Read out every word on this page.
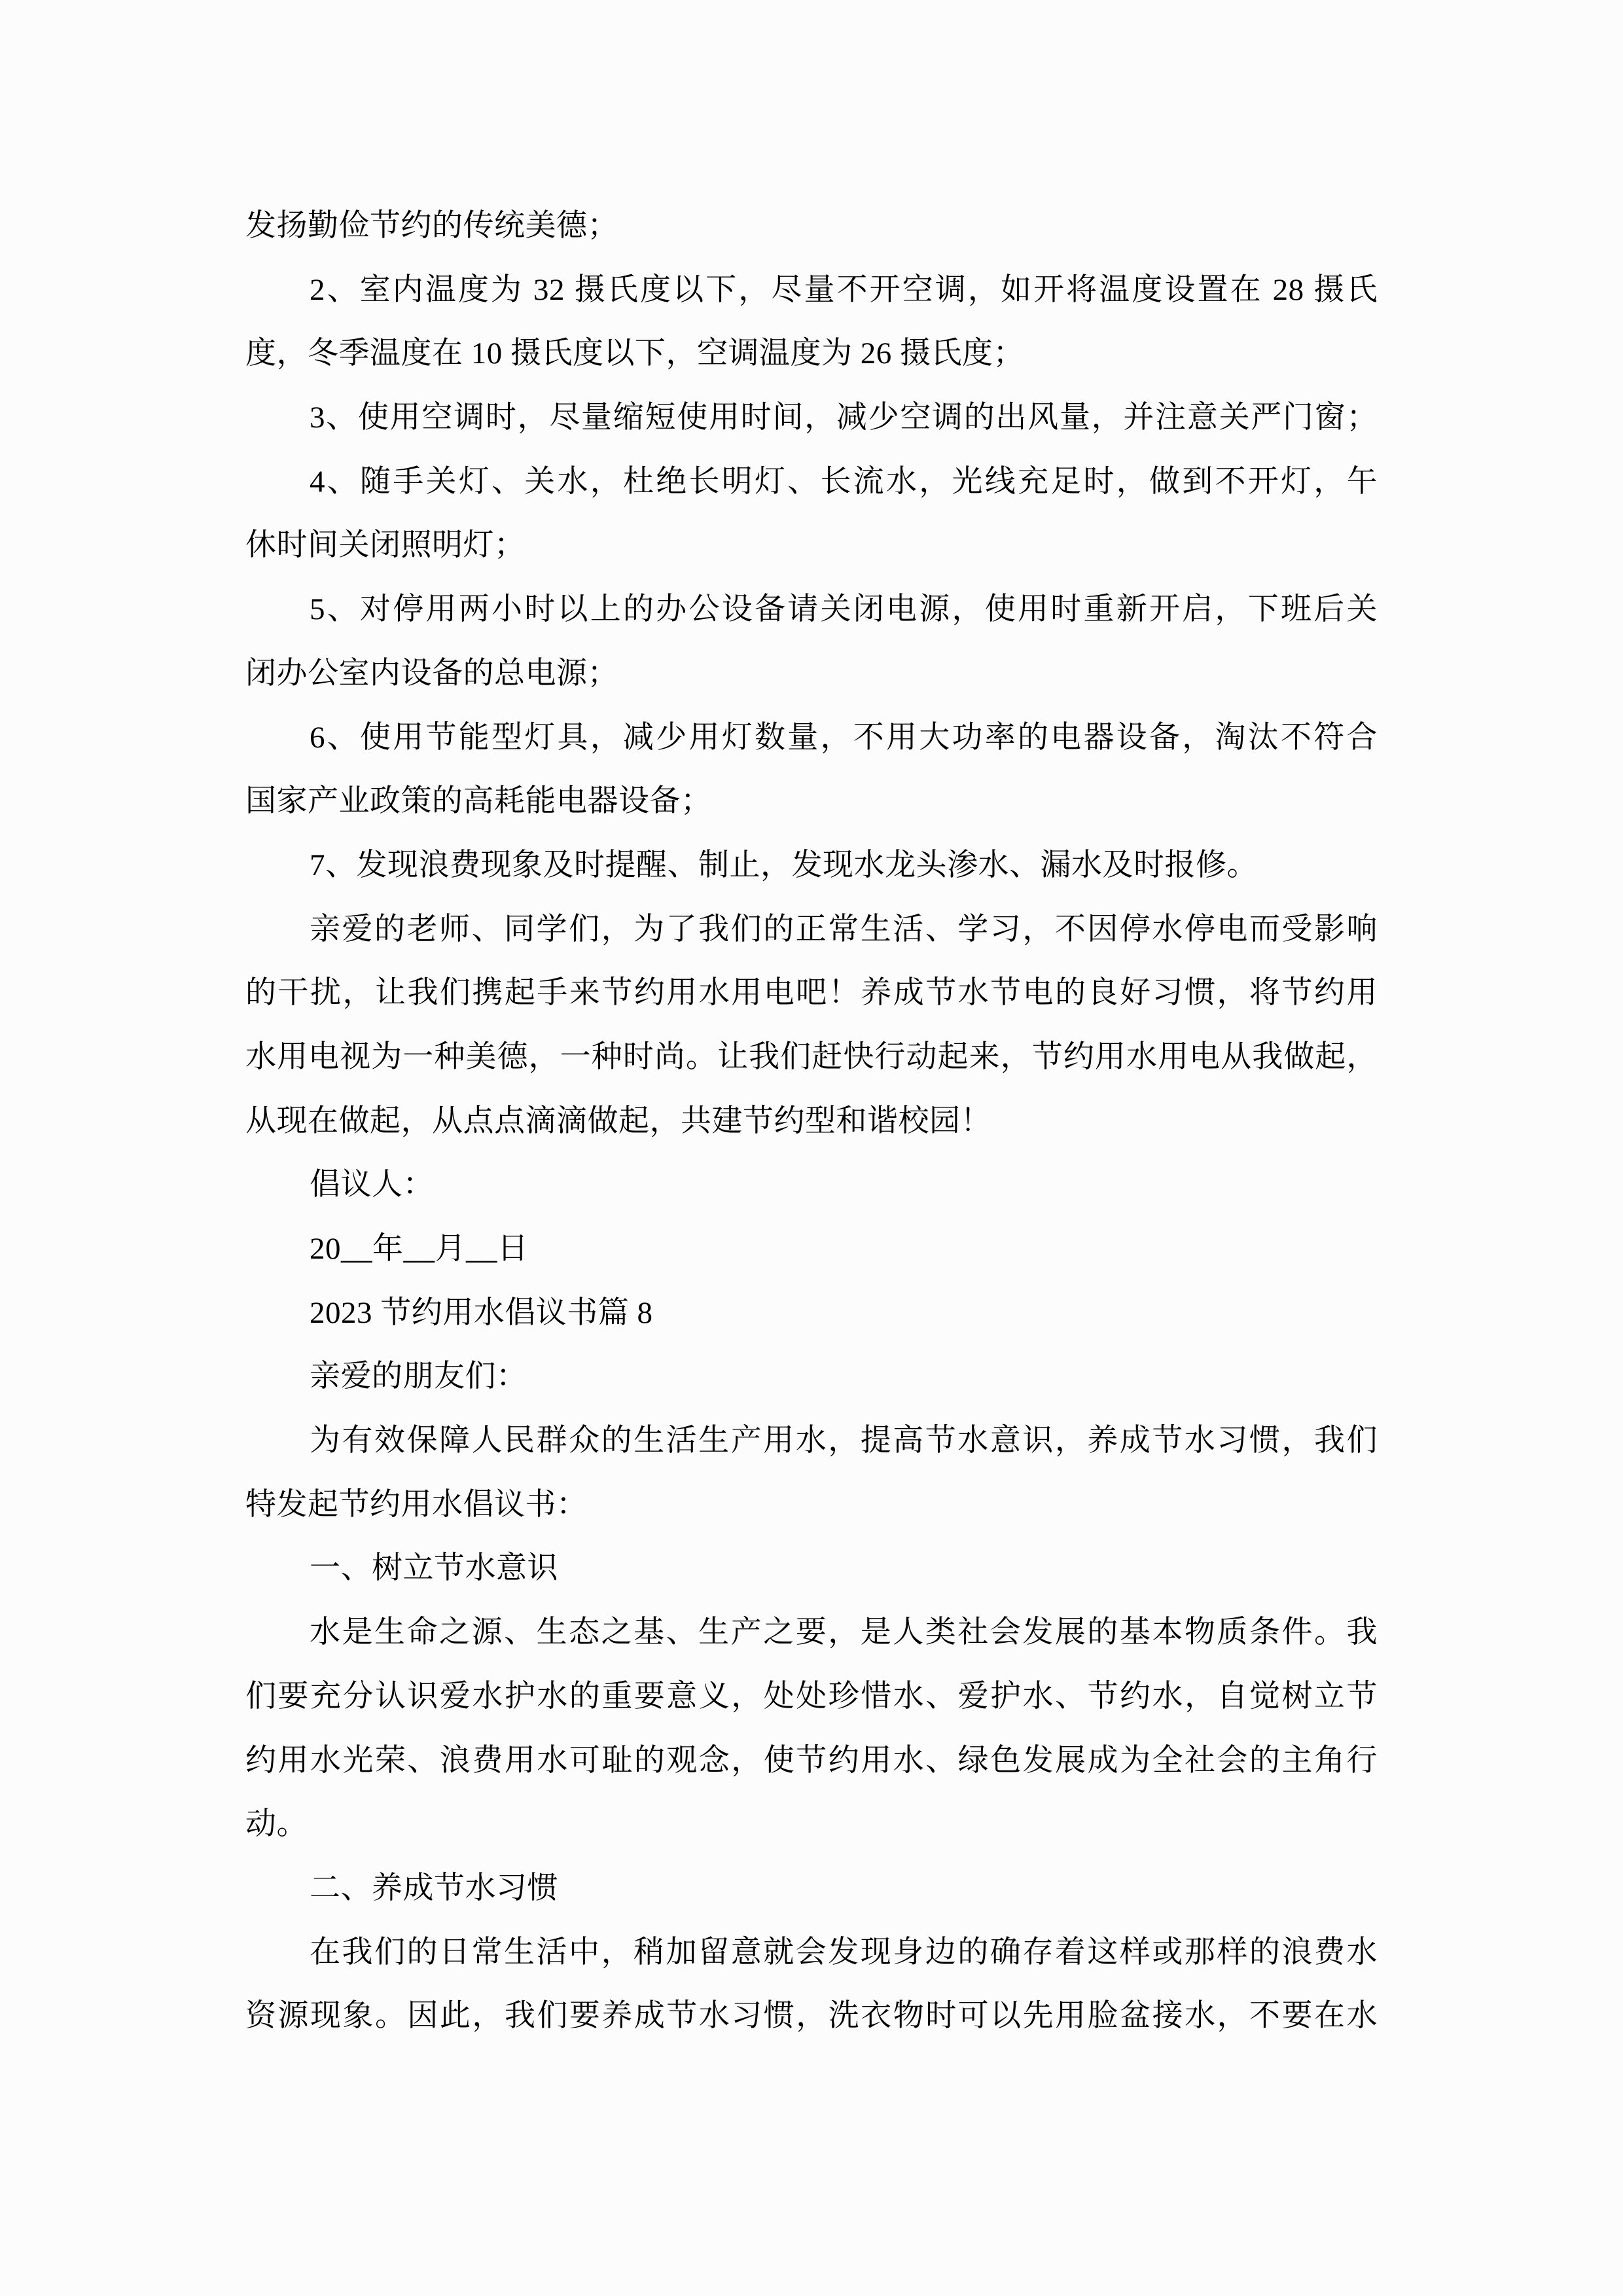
发扬勤俭节约的传统美德；
2、室内温度为 32 摄氏度以下，尽量不开空调，如开将温度设置在 28 摄氏
度，冬季温度在 10 摄氏度以下，空调温度为 26 摄氏度；
3、使用空调时，尽量缩短使用时间，减少空调的出风量，并注意关严门窗；
4、随手关灯、关水，杜绝长明灯、长流水，光线充足时，做到不开灯，午
休时间关闭照明灯；
5、对停用两小时以上的办公设备请关闭电源，使用时重新开启，下班后关
闭办公室内设备的总电源；
6、使用节能型灯具，减少用灯数量，不用大功率的电器设备，淘汰不符合
国家产业政策的高耗能电器设备；
7、发现浪费现象及时提醒、制止，发现水龙头渗水、漏水及时报修。
亲爱的老师、同学们，为了我们的正常生活、学习，不因停水停电而受影响
的干扰，让我们携起手来节约用水用电吧！养成节水节电的良好习惯，将节约用
水用电视为一种美德，一种时尚。让我们赶快行动起来，节约用水用电从我做起，
从现在做起，从点点滴滴做起，共建节约型和谐校园！
倡议人：
20__年__月__日
2023 节约用水倡议书篇 8
亲爱的朋友们：
为有效保障人民群众的生活生产用水，提高节水意识，养成节水习惯，我们
特发起节约用水倡议书：
一、树立节水意识
水是生命之源、生态之基、生产之要，是人类社会发展的基本物质条件。我
们要充分认识爱水护水的重要意义，处处珍惜水、爱护水、节约水，自觉树立节
约用水光荣、浪费用水可耻的观念，使节约用水、绿色发展成为全社会的主角行
动。
二、养成节水习惯
在我们的日常生活中，稍加留意就会发现身边的确存着这样或那样的浪费水
资源现象。因此，我们要养成节水习惯，洗衣物时可以先用脸盆接水，不要在水
